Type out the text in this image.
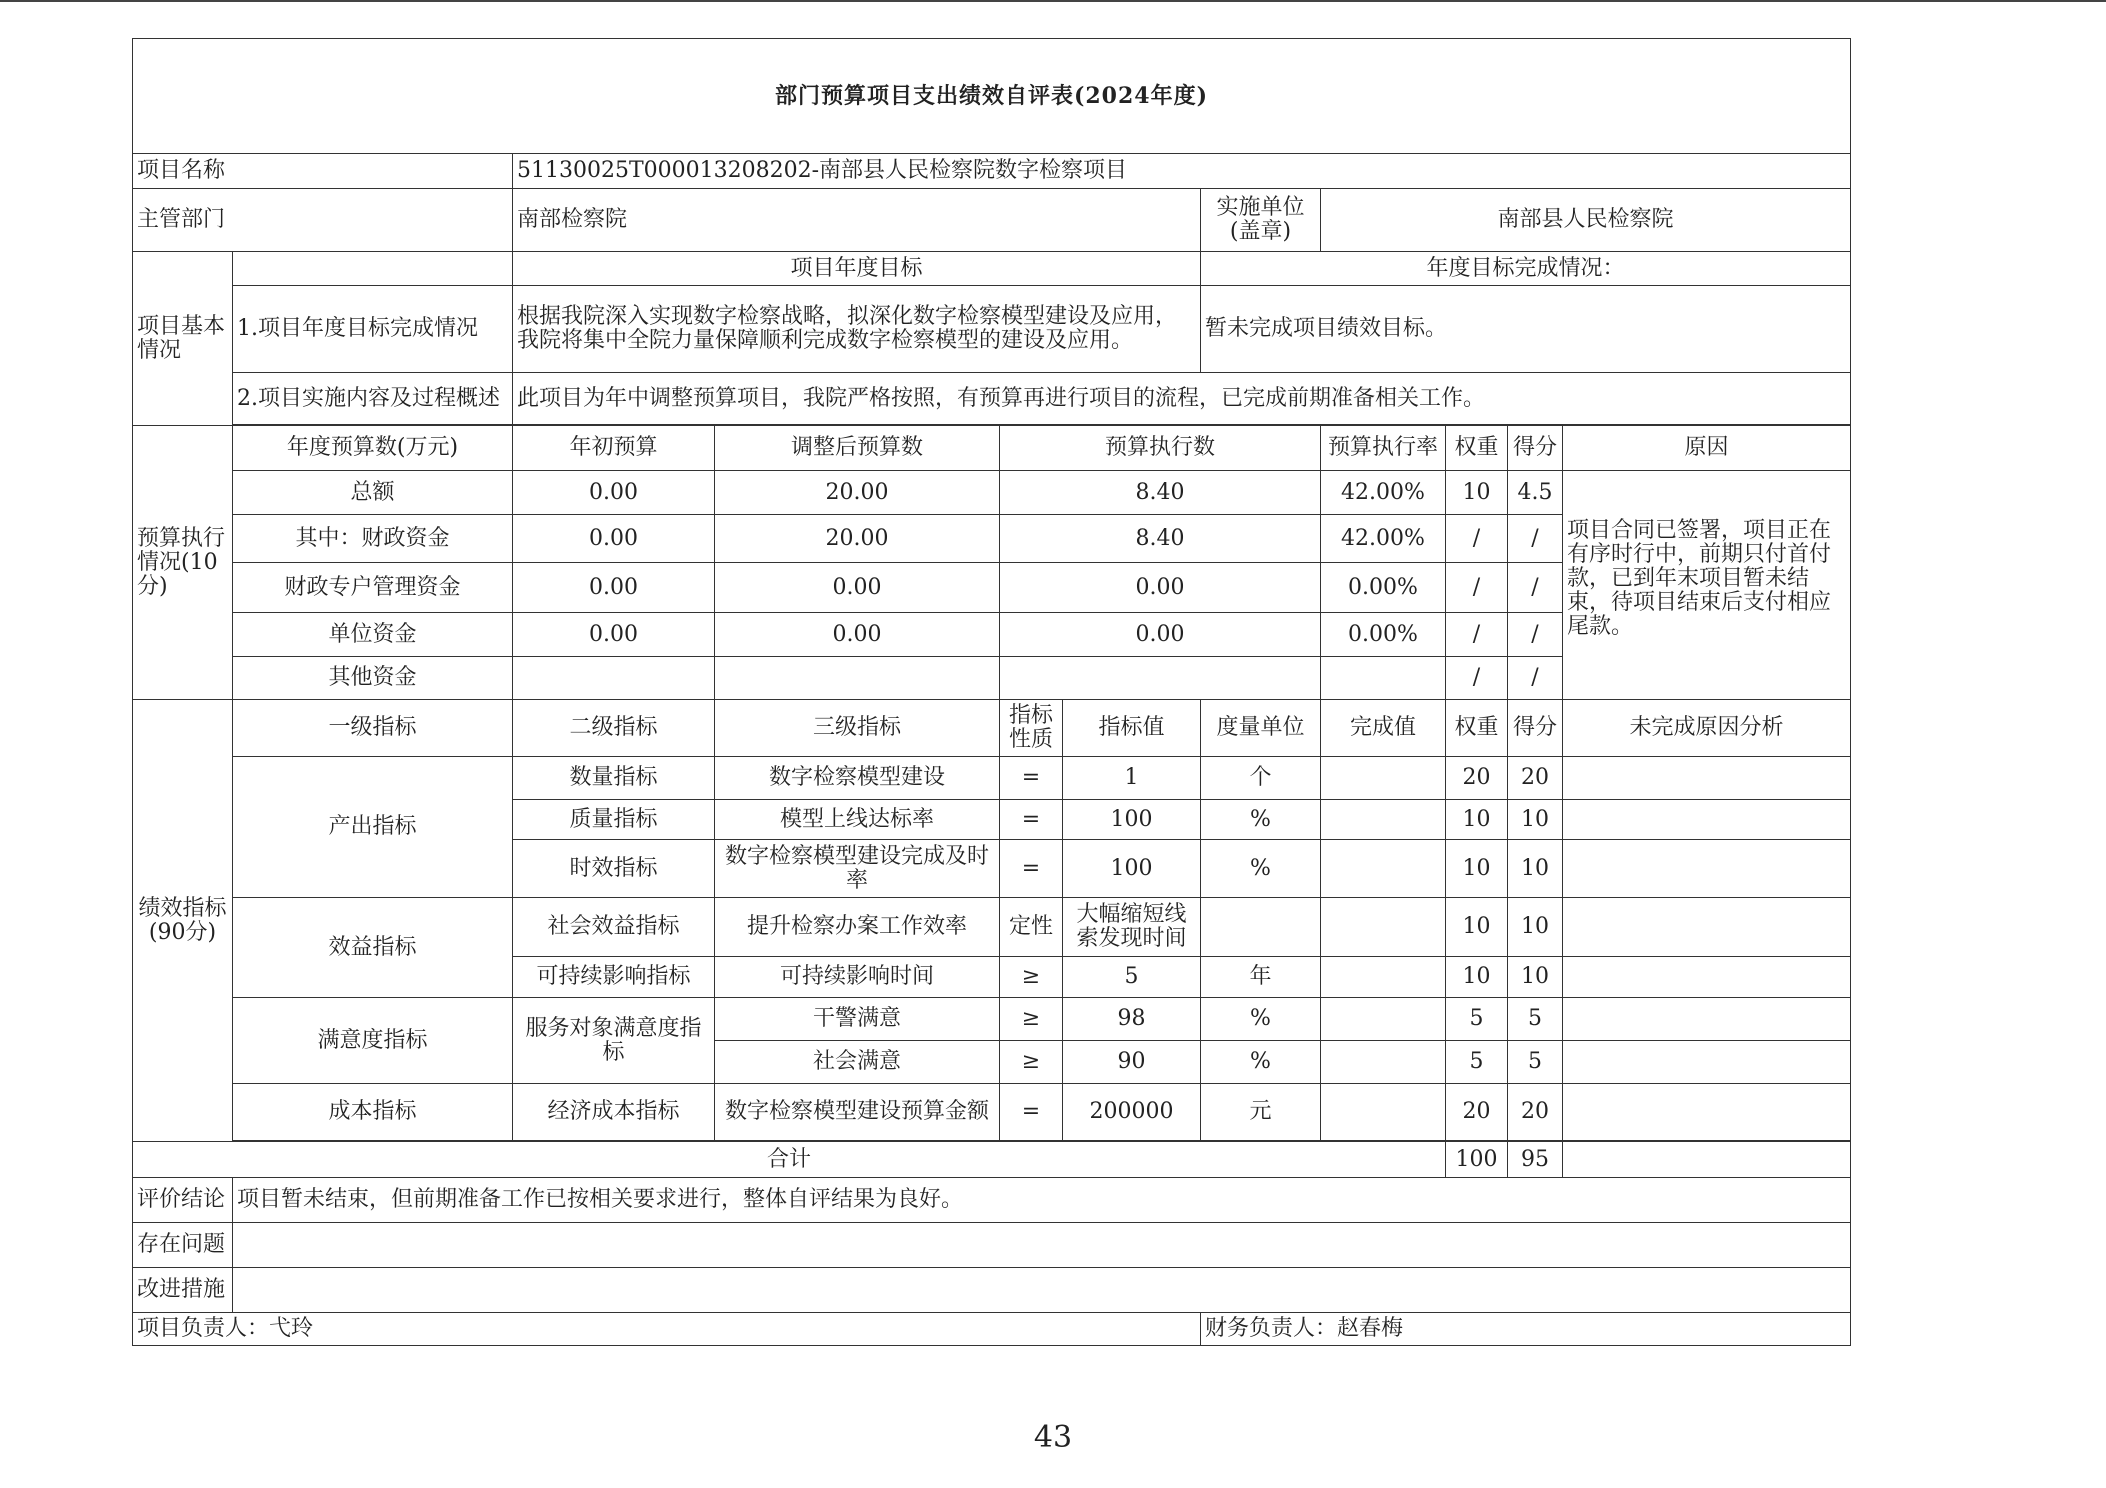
部门预算项目支出绩效自评表(2024年度)										
项目名称		51130025T000013208202-南部县人民检察院数字检察项目								
主管部门		南部检察院				实施单位
(盖章)	南部县人民检察院			
项目基本情况		项目年度目标				年度目标完成情况：				
	1.项目年度目标完成情况	根据我院深入实现数字检察战略，拟深化数字检察模型建设及应用，我院将集中全院力量保障顺利完成数字检察模型的建设及应用。				暂未完成项目绩效目标。				
	2.项目实施内容及过程概述	此项目为年中调整预算项目，我院严格按照，有预算再进行项目的流程，已完成前期准备相关工作。								

预算执行情况(10分)	年度预算数(万元)	年初预算	调整后预算数	预算执行数			预算执行率	权重	得分	原因
	总额	0.00	20.00	8.40			42.00%	10	4.5	项目合同已签署，项目正在有序时行中，前期只付首付款，已到年末项目暂未结束，待项目结束后支付相应尾款。
	其中：财政资金	0.00	20.00	8.40			42.00%	/	/	
	财政专户管理资金	0.00	0.00	0.00			0.00%	/	/	
	单位资金	0.00	0.00	0.00			0.00%	/	/	
	其他资金							/	/	
绩效指标(90分)	一级指标	二级指标	三级指标	指标性质	指标值	度量单位	完成值	权重	得分	未完成原因分析
	产出指标	数量指标	数字检察模型建设	=	1	个		20	20	
		质量指标	模型上线达标率	=	100	%		10	10	
		时效指标	数字检察模型建设完成及时率	=	100	%		10	10	
	效益指标	社会效益指标	提升检察办案工作效率	定性	大幅缩短线索发现时间			10	10	
		可持续影响指标	可持续影响时间	≥	5	年		10	10	
	满意度指标	服务对象满意度指标	干警满意	≥	98	%		5	5	
			社会满意	≥	90	%		5	5	
	成本指标	经济成本指标	数字检察模型建设预算金额	=	200000	元		20	20	

合计								100	95	
评价结论	项目暂未结束，但前期准备工作已按相关要求进行，整体自评结果为良好。									
存在问题										
改进措施										
项目负责人：弋玲						财务负责人：赵春梅				
43
